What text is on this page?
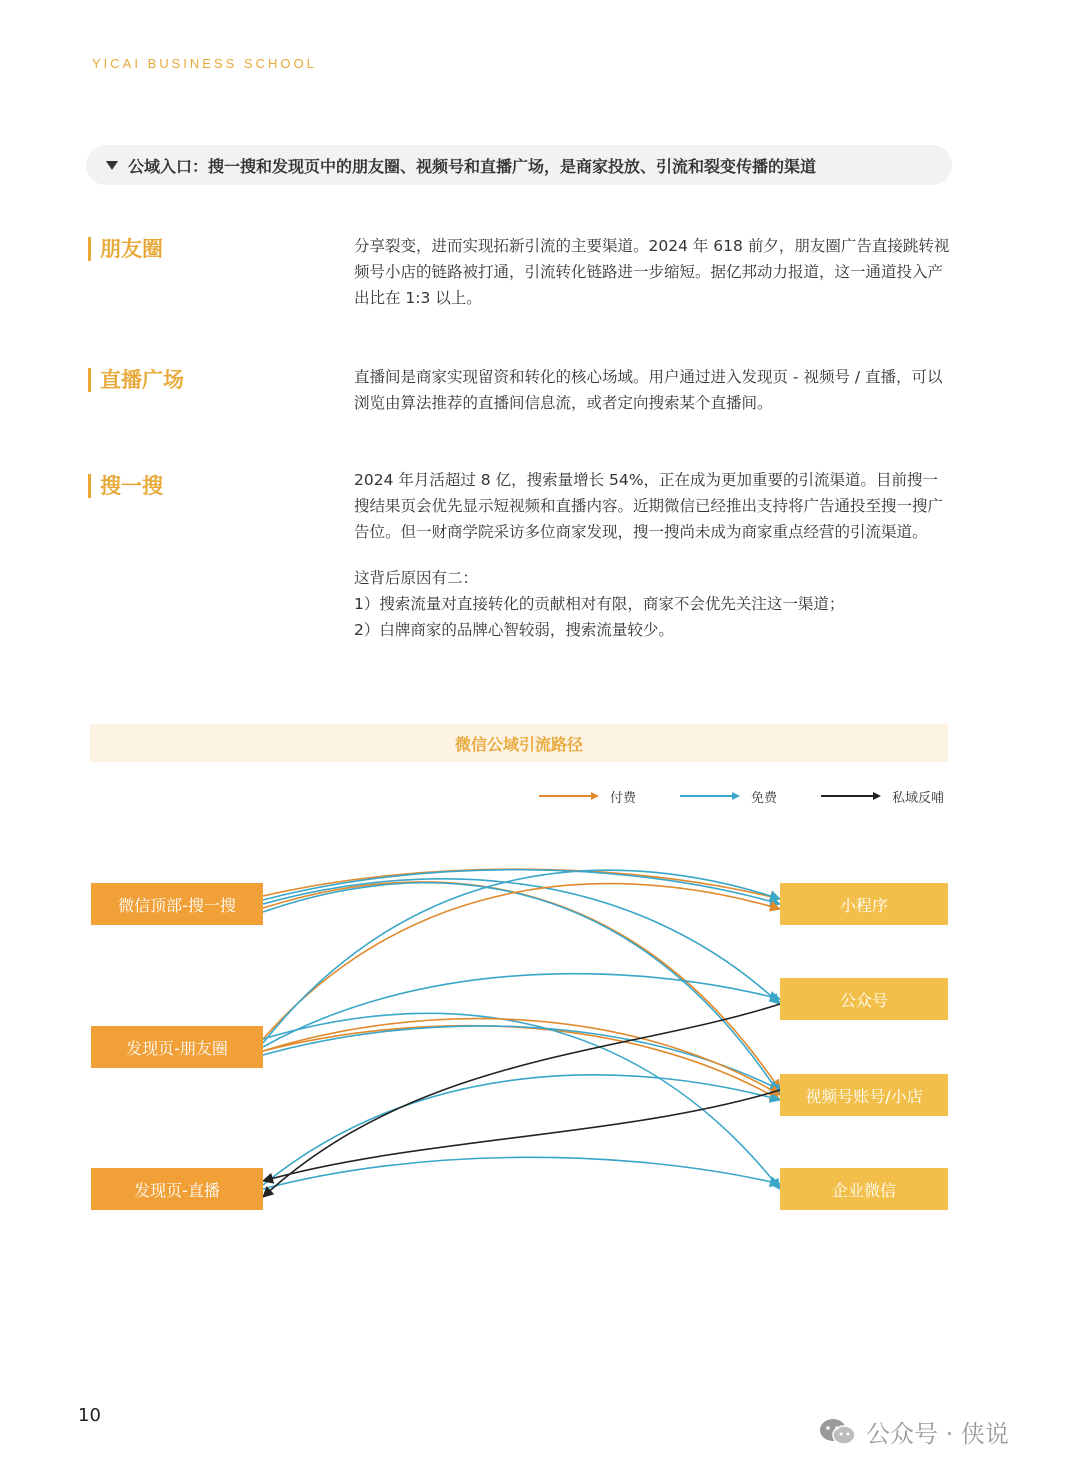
YICAI BUSINESS SCHOOL
公域入口：搜一搜和发现页中的朋友圈、视频号和直播广场，是商家投放、引流和裂变传播的渠道
朋友圈	分享裂变，进而实现拓新引流的主要渠道。2024 年 618 前夕，朋友圈广告直接跳转视频号小店的链路被打通，引流转化链路进一步缩短。据亿邦动力报道，这一通道投入产出比在 1:3 以上。

直播广场	直播间是商家实现留资和转化的核心场域。用户通过进入发现页 - 视频号 / 直播，可以浏览由算法推荐的直播间信息流，或者定向搜索某个直播间。

搜一搜	2024 年月活超过 8 亿，搜索量增长 54%，正在成为更加重要的引流渠道。目前搜一搜结果页会优先显示短视频和直播内容。近期微信已经推出支持将广告通投至搜一搜广告位。但一财商学院采访多位商家发现，搜一搜尚未成为商家重点经营的引流渠道。

这背后原因有二：

1）搜索流量对直接转化的贡献相对有限，商家不会优先关注这一渠道；

2）白牌商家的品牌心智较弱，搜索流量较少。

微信公域引流路径
付费	免费	私域反哺
微信顶部-搜一搜
发现页-朋友圈
发现页-直播
小程序
公众号
视频号账号/小店
企业微信
10
公众号 · 侠说
